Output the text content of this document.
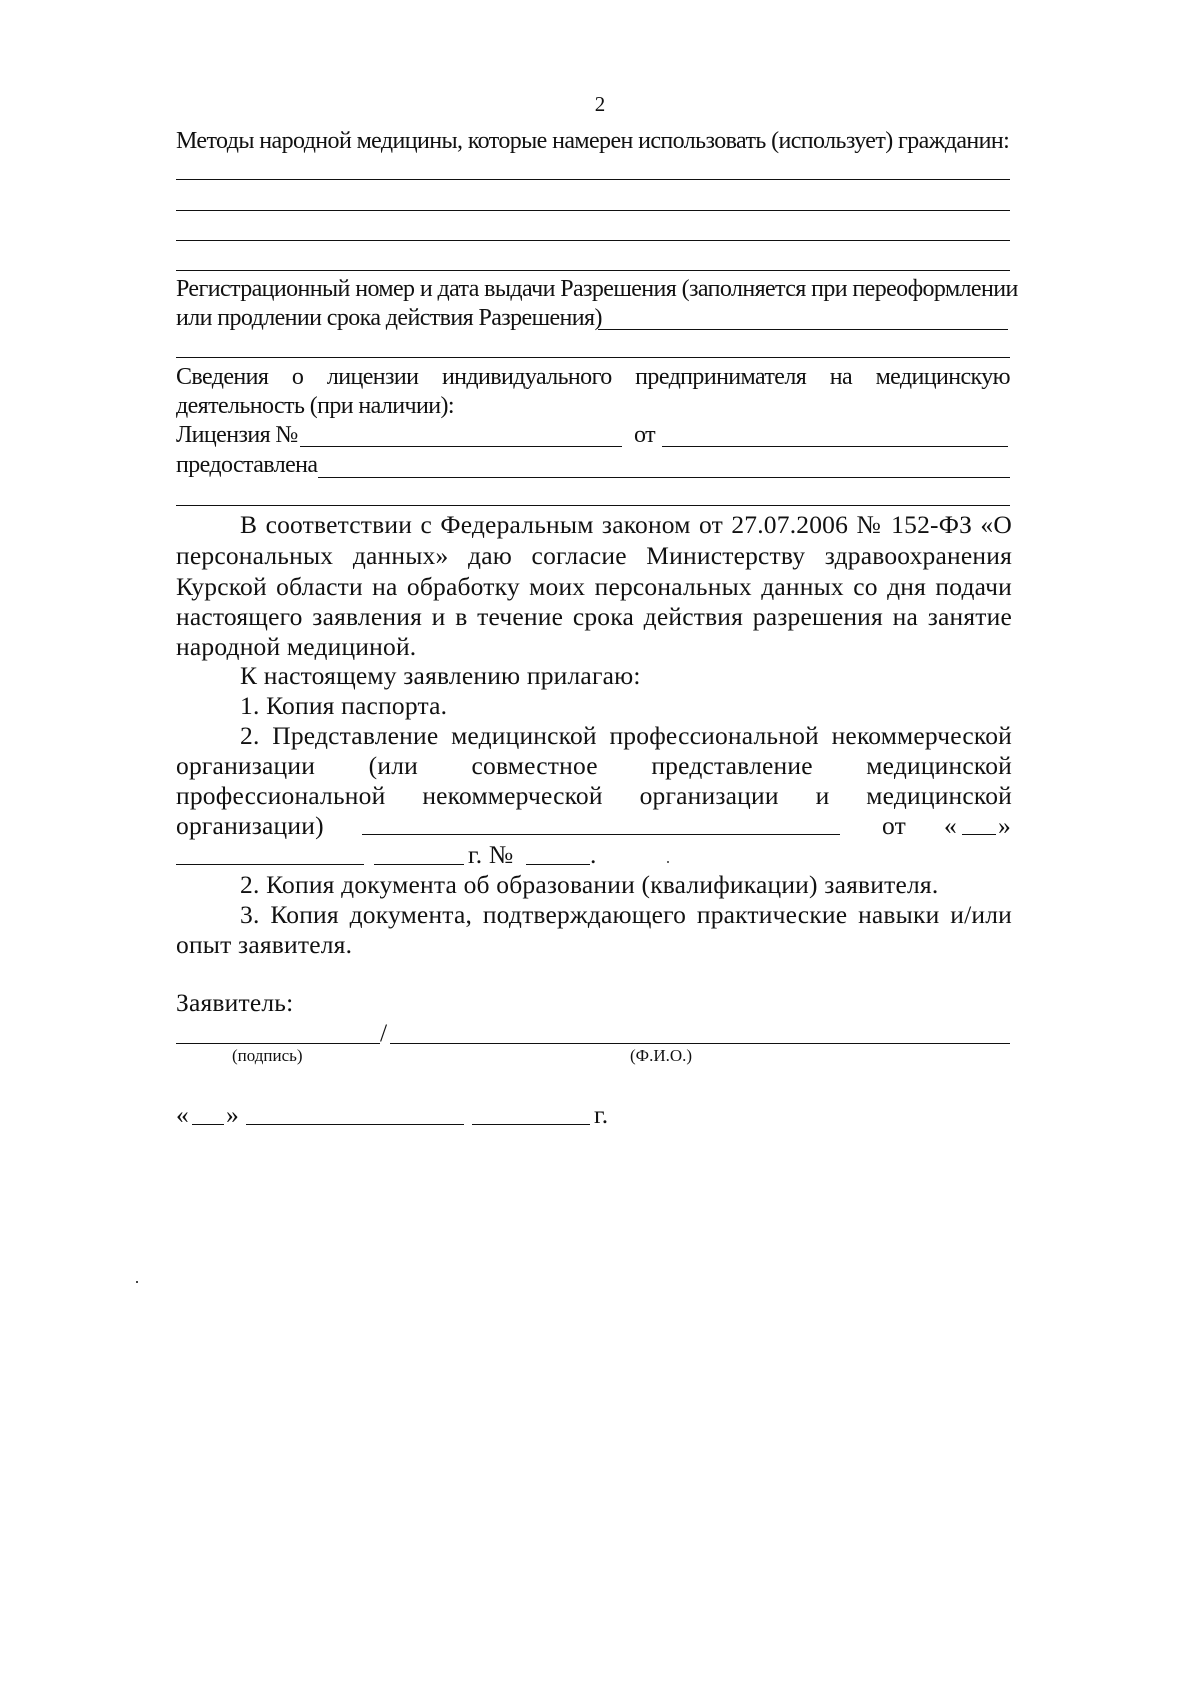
2
Методы народной медицины, которые намерен использовать (использует) гражданин:
Регистрационный номер и дата выдачи Разрешения (заполняется при переоформлении
или продлении срока действия Разрешения)
Сведения о лицензии индивидуального предпринимателя на медицинскую
деятельность (при наличии):
Лицензия №	от
предоставлена
В соответствии с Федеральным законом от 27.07.2006 № 152-ФЗ «О
персональных данных» даю согласие Министерству здравоохранения
Курской области на обработку моих персональных данных со дня подачи
настоящего заявления и в течение срока действия разрешения на занятие
народной медициной.
К настоящему заявлению прилагаю:
1. Копия паспорта.
2. Представление медицинской профессиональной некоммерческой
организации (или совместное представление медицинской
профессиональной некоммерческой организации и медицинской
организации)	от « »
г. №	.
2. Копия документа об образовании (квалификации) заявителя.
3. Копия документа, подтверждающего практические навыки и/или
опыт заявителя.
Заявитель:
/
(подпись)	(Ф.И.О.)
« »	г.
